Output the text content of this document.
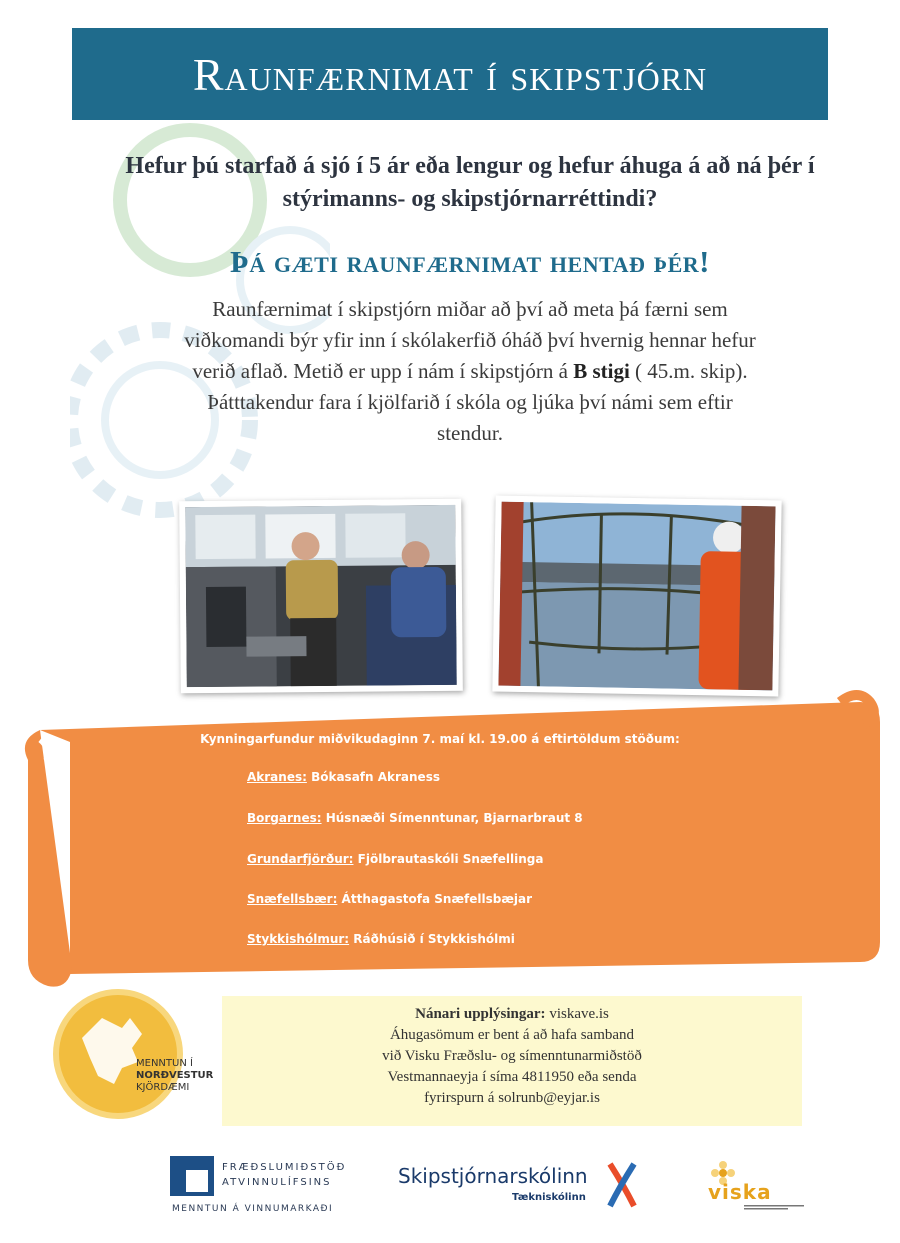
Raunfærnimat í skipstjórn
Hefur þú starfað á sjó í 5 ár eða lengur og hefur áhuga á að ná þér í stýrimanns- og skipstjórnarréttindi?
Þá gæti raunfærnimat hentað þér!
Raunfærnimat í skipstjórn miðar að því að meta þá færni sem viðkomandi býr yfir inn í skólakerfið óháð því hvernig hennar hefur verið aflað. Metið er upp í nám í skipstjórn á B stigi ( 45.m. skip). Þátttakendur fara í kjölfarið í skóla og ljúka því námi sem eftir stendur.
Kynningarfundur miðvikudaginn 7. maí kl. 19.00 á eftirtöldum stöðum:
Akranes: Bókasafn Akraness
Borgarnes: Húsnæði Símenntunar, Bjarnarbraut 8
Grundarfjörður: Fjölbrautaskóli Snæfellinga
Snæfellsbær: Átthagastofa Snæfellsbæjar
Stykkishólmur: Ráðhúsið í Stykkishólmi
MENNTUN Í
NORÐVESTUR
KJÖRDÆMI
Nánari upplýsingar: viskave.is
Áhugasömum er bent á að hafa samband
við Visku Fræðslu- og símenntunarmiðstöð
Vestmannaeyja í síma 4811950 eða senda
fyrirspurn á solrunb@eyjar.is
FRÆÐSLUMIÐSTÖÐ
ATVINNULÍFSINS
MENNTUN Á VINNUMARKAÐI
Skipstjórnarskólinn
Tækniskólinn	viska
